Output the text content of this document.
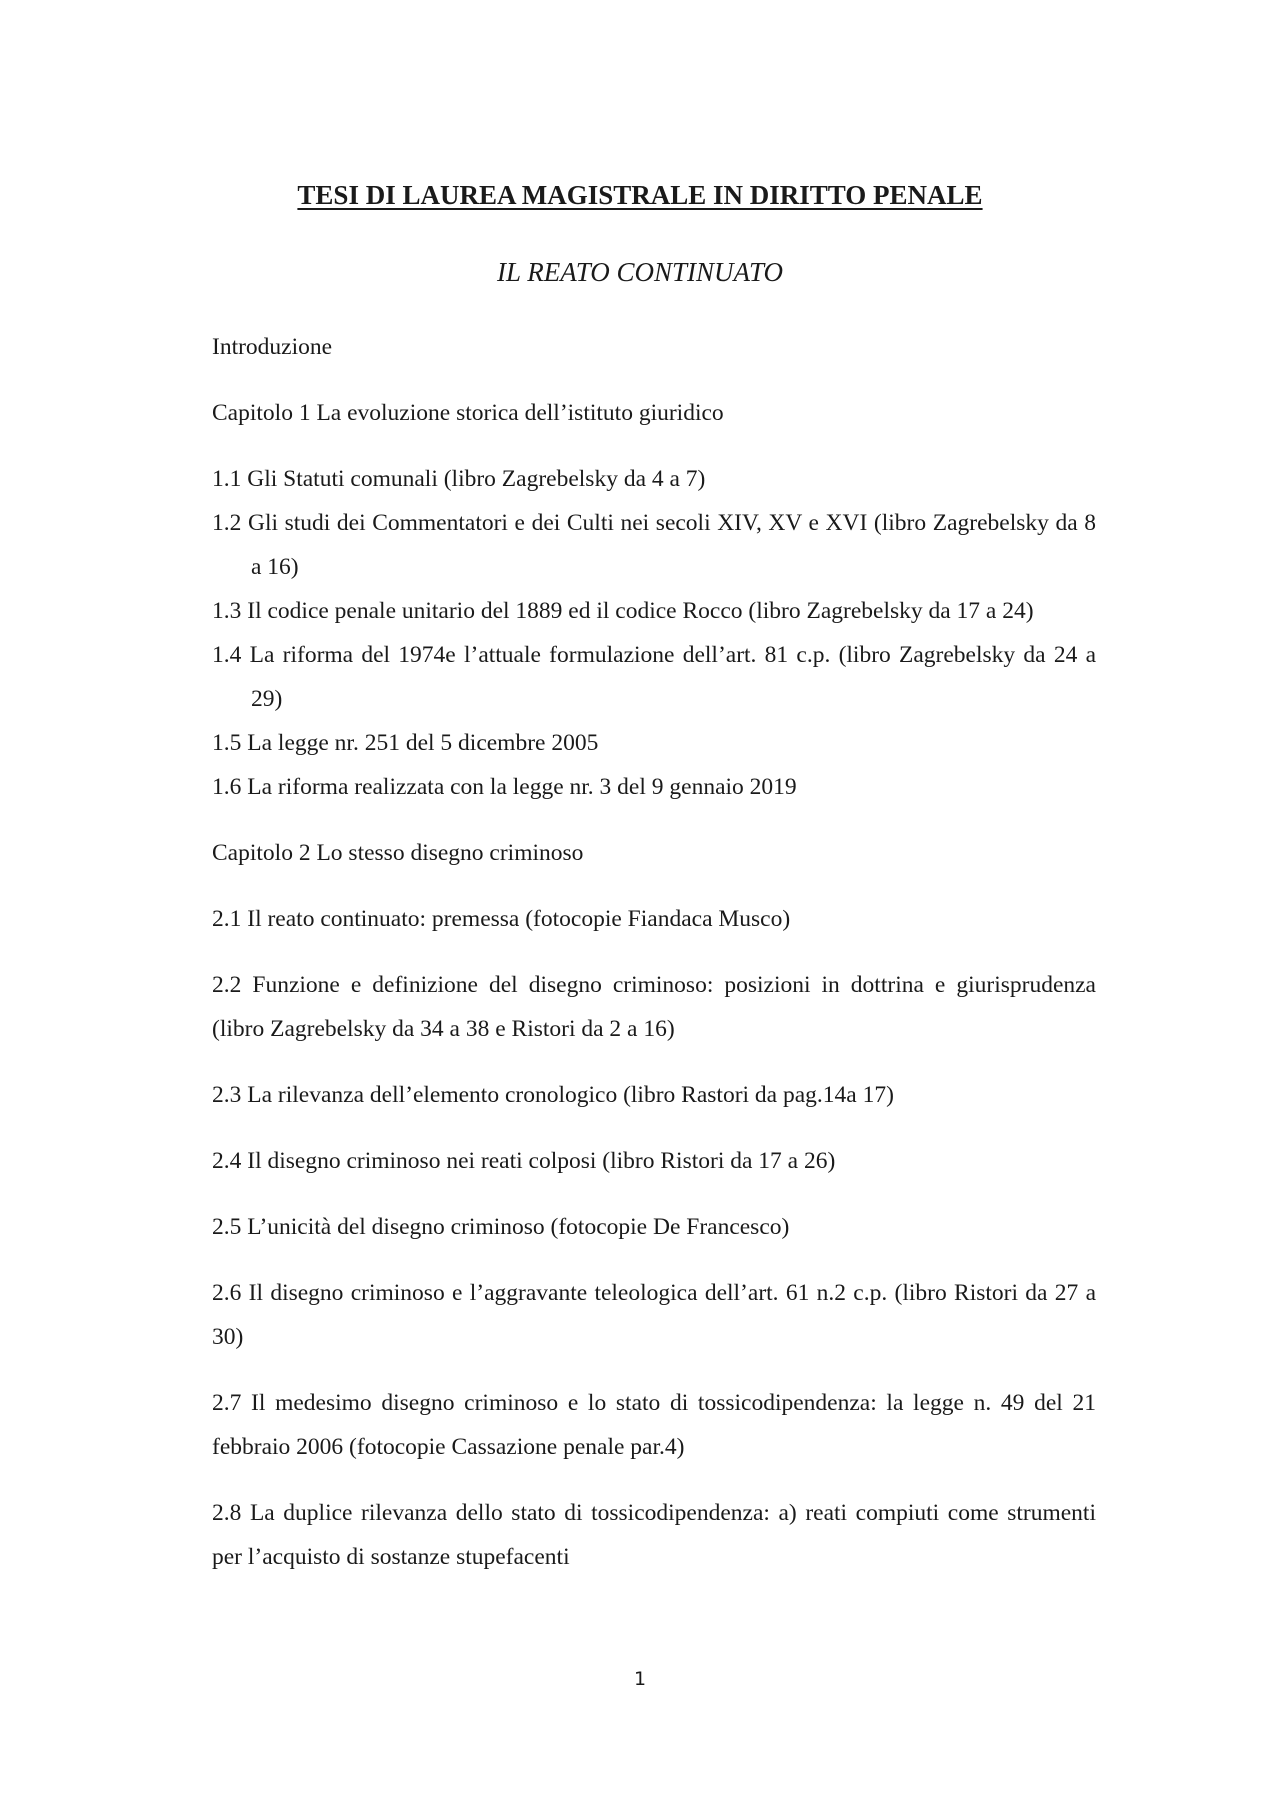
TESI DI LAUREA MAGISTRALE IN DIRITTO PENALE
IL REATO CONTINUATO

Introduzione

Capitolo 1 La evoluzione storica dell’istituto giuridico

1.1 Gli Statuti comunali (libro Zagrebelsky da 4 a 7)

1.2 Gli studi dei Commentatori e dei Culti nei secoli XIV, XV e XVI (libro Zagrebelsky da 8 a 16)

1.3 Il codice penale unitario del 1889 ed il codice Rocco (libro Zagrebelsky da 17 a 24)

1.4 La riforma del 1974e l’attuale formulazione dell’art. 81 c.p. (libro Zagrebelsky da 24 a 29)

1.5 La legge nr. 251 del 5 dicembre 2005

1.6 La riforma realizzata con la legge nr. 3 del 9 gennaio 2019

Capitolo 2 Lo stesso disegno criminoso

2.1 Il reato continuato: premessa (fotocopie Fiandaca Musco)

2.2 Funzione e definizione del disegno criminoso: posizioni in dottrina e giurisprudenza (libro Zagrebelsky da 34 a 38 e Ristori da 2 a 16)

2.3 La rilevanza dell’elemento cronologico (libro Rastori da pag.14a 17)

2.4 Il disegno criminoso nei reati colposi (libro Ristori da 17 a 26)

2.5 L’unicità del disegno criminoso (fotocopie De Francesco)

2.6 Il disegno criminoso e l’aggravante teleologica dell’art. 61 n.2 c.p. (libro Ristori da 27 a 30)

2.7 Il medesimo disegno criminoso e lo stato di tossicodipendenza: la legge n. 49 del 21 febbraio 2006 (fotocopie Cassazione penale par.4)

2.8 La duplice rilevanza dello stato di tossicodipendenza: a) reati compiuti come strumenti per l’acquisto di sostanze stupefacenti

1
